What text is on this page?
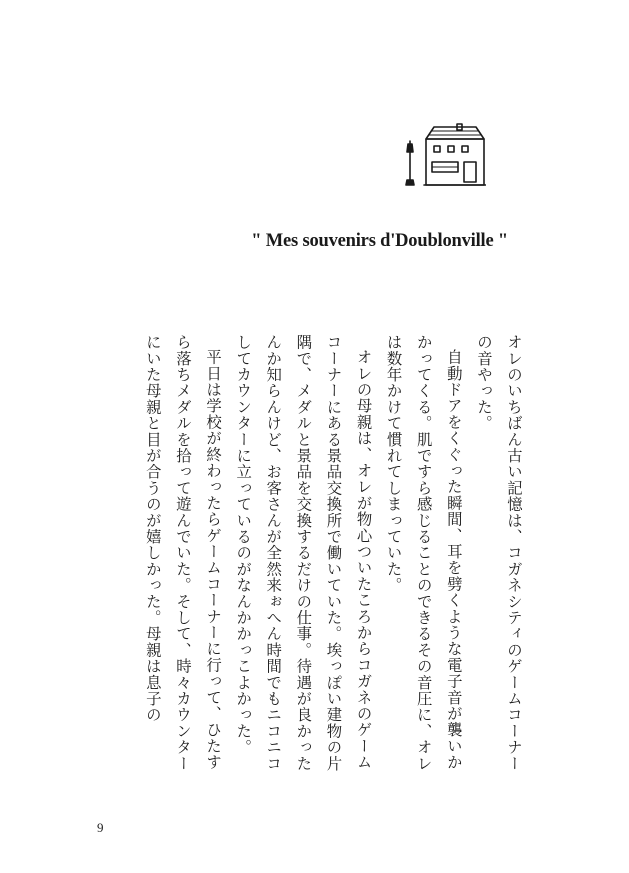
" Mes souvenirs d'Doublonville "

オレのいちばん古い記憶は、コガネシティのゲームコーナーの音やった。

自動ドアをくぐった瞬間、耳を劈くような電子音が襲いかかってくる。肌ですら感じることのできるその音圧に、オレは数年かけて慣れてしまっていた。

オレの母親は、オレが物心ついたころからコガネのゲームコーナーにある景品交換所で働いていた。埃っぽい建物の片隅で、メダルと景品を交換するだけの仕事。待遇が良かったんか知らんけど、お客さんが全然来ぉへん時間でもニコニコしてカウンターに立っているのがなんかかっこよかった。

平日は学校が終わったらゲームコーナーに行って、ひたすら落ちメダルを拾って遊んでいた。そして、時々カウンターにいた母親と目が合うのが嬉しかった。母親は息子の

9
